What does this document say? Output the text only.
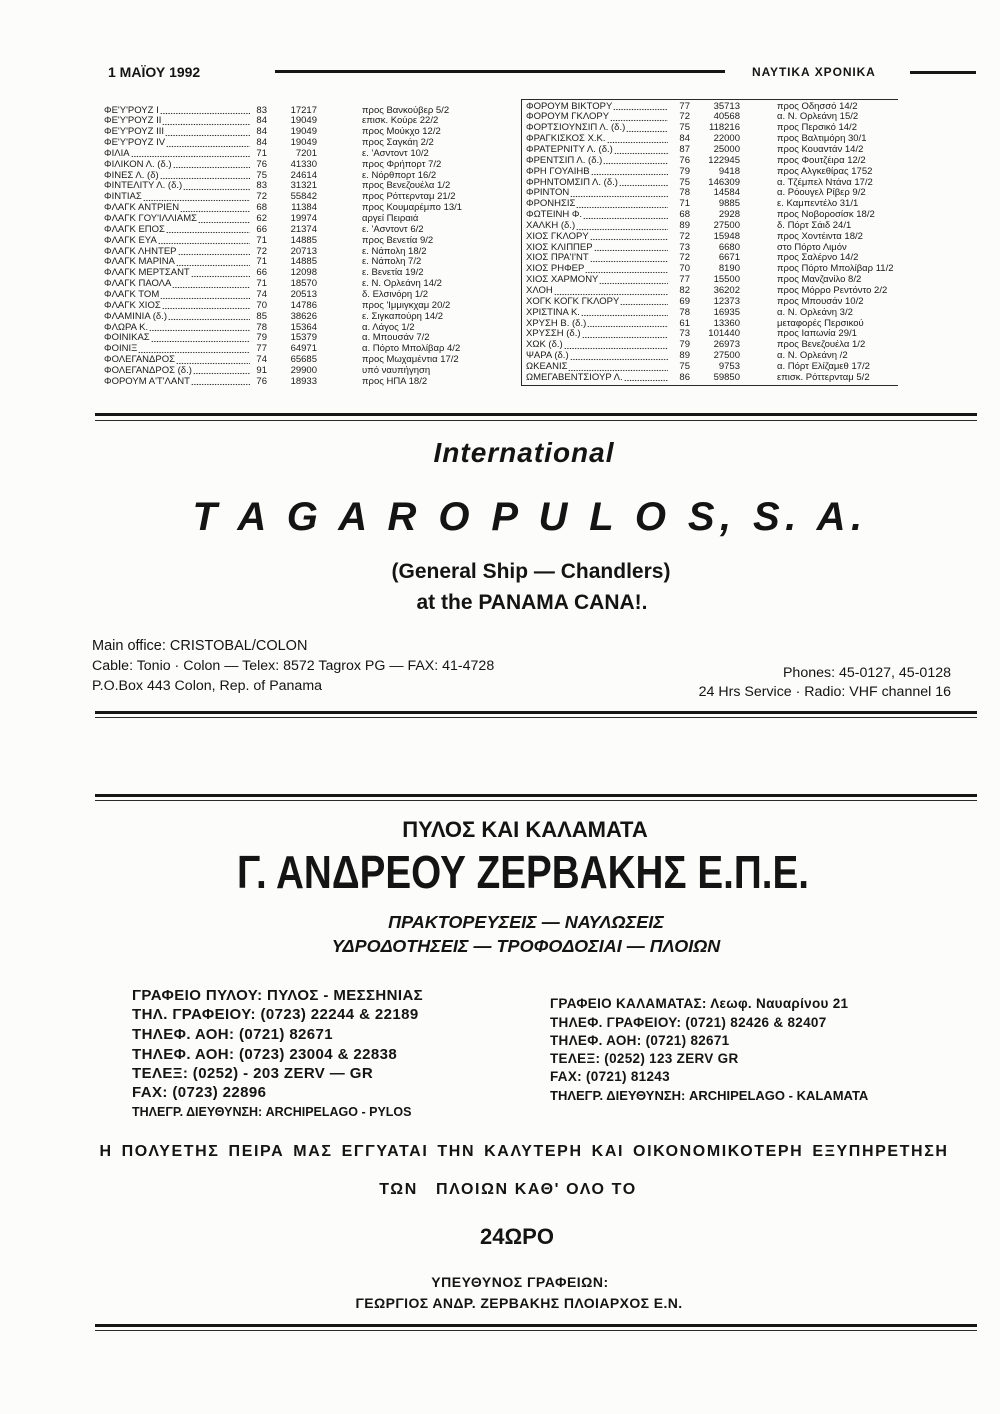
1 ΜΑΪΟΥ 1992	ΝΑΥΤΙΚΑ ΧΡΟΝΙΚΑ
ΦΕ'Υ'ΡΟΥΖ Ι	83	17217	προς Βανκούβερ 5/2
ΦΕ'Υ'ΡΟΥΖ ΙΙ	84	19049	επισκ. Κούρε 22/2
ΦΕ'Υ'ΡΟΥΖ ΙΙΙ	84	19049	προς Μούκχο 12/2
ΦΕ'Υ'ΡΟΥΖ IV	84	19049	προς Σαγκάη 2/2
ΦΙΛΙΑ	71	7201	ε. 'Ασντοντ 10/2
ΦΙΛΙΚΟΝ Λ. (δ.)	76	41330	προς Φρήπορτ 7/2
ΦΙΝΕΣ Λ. (δ)	75	24614	ε. Νόρθπορτ 16/2
ΦΙΝΤΕΛΙΤΥ Λ. (δ.)	83	31321	προς Βενεζουέλα 1/2
ΦΙΝΤΙΑΣ	72	55842	προς Ρόττερνταμ 21/2
ΦΛΑΓΚ ΑΝΤΡΙΕΝ	68	11384	προς Κουμαρέμπο 13/1
ΦΛΑΓΚ ΓΟΥ'ΙΛΛΙΑΜΣ	62	19974	αργεί Πειραιά
ΦΛΑΓΚ ΕΠΟΣ	66	21374	ε. 'Ασντοντ 6/2
ΦΛΑΓΚ ΕΥΑ	71	14885	προς Βενετία 9/2
ΦΛΑΓΚ ΛΗΝΤΕΡ	72	20713	ε. Νάπολη 18/2
ΦΛΑΓΚ ΜΑΡΙΝΑ	71	14885	ε. Νάπολη 7/2
ΦΛΑΓΚ ΜΕΡΤΣΑΝΤ	66	12098	ε. Βενετία 19/2
ΦΛΑΓΚ ΠΑΟΛΑ	71	18570	ε. Ν. Ορλεάνη 14/2
ΦΛΑΓΚ ΤΟΜ	74	20513	δ. Ελσινόρη 1/2
ΦΛΑΓΚ ΧΙΟΣ	70	14786	προς 'Ιμμιγκχαμ 20/2
ΦΛΑΜΙΝΙΑ (δ.)	85	38626	ε. Σιγκαπούρη 14/2
ΦΛΩΡΑ Κ.	78	15364	α. Λάγος 1/2
ΦΟΙΝΙΚΑΣ	79	15379	α. Μπουσάν 7/2
ΦΟΙΝΙΞ	77	64971	α. Πόρτο Μπολίβαρ 4/2
ΦΟΛΕΓΑΝΔΡΟΣ	74	65685	προς Μωχαμέντια 17/2
ΦΟΛΕΓΑΝΔΡΟΣ (δ.)	91	29900	υπό ναυπήγηση
ΦΟΡΟΥΜ Α'Τ'ΛΑΝΤ	76	18933	προς ΗΠΑ 18/2
ΦΟΡΟΥΜ ΒΙΚΤΟΡΥ	77	35713	προς Οδησσό 14/2
ΦΟΡΟΥΜ ΓΚΛΟΡΥ	72	40568	α. Ν. Ορλεάνη 15/2
ΦΟΡΤΣΙΟΥΝΣΙΠ Λ. (δ.)	75	118216	προς Περσικό 14/2
ΦΡΑΓΚΙΣΚΟΣ Χ.Κ.	84	22000	προς Βαλτιμόρη 30/1
ΦΡΑΤΕΡΝΙΤΥ Λ. (δ.)	87	25000	προς Κουαντάν 14/2
ΦΡΕΝΤΣΙΠ Λ. (δ.)	76	122945	προς Φουτζέιρα 12/2
ΦΡΗ ΓΟΥΑΙΗΒ	79	9418	προς Αλγκεθίρας 1752
ΦΡΗΝΤΟΜΣΙΠ Λ. (δ.)	75	146309	α. Τζέμπελ Ντάνα 17/2
ΦΡΙΝΤΟΝ	78	14584	α. Ρόουγελ Ρίβερ 9/2
ΦΡΟΝΗΣΙΣ	71	9885	ε. Καμπεντέλο 31/1
ΦΩΤΕΙΝΗ Φ.	68	2928	προς Νοβοροσίσκ 18/2
ΧΑΛΚΗ (δ.)	89	27500	δ. Πόρτ Σάιδ 24/1
ΧΙΟΣ ΓΚΛΟΡΥ	72	15948	προς Χοντέιντα 18/2
ΧΙΟΣ ΚΛΙΠΠΕΡ	73	6680	στο Πόρτο Λιμόν
ΧΙΟΣ ΠΡΑ'Ι'ΝΤ	72	6671	προς Σαλέρνο 14/2
ΧΙΟΣ ΡΗΦΕΡ	70	8190	προς Πόρτο Μπολίβαρ 11/2
ΧΙΟΣ ΧΑΡΜΟΝΥ	77	15500	προς Μανζανίλο 8/2
ΧΛΟΗ	82	36202	προς Μόρρο Ρεντόντο 2/2
ΧΟΓΚ ΚΟΓΚ ΓΚΛΟΡΥ	69	12373	προς Μπουσάν 10/2
ΧΡΙΣΤΙΝΑ Κ.	78	16935	α. Ν. Ορλεάνη 3/2
ΧΡΥΣΗ Β. (δ.)	61	13360	μεταφορές Περσικού
ΧΡΥΣΣΗ (δ.)	73	101440	προς Ιαπωνία 29/1
ΧΩΚ (δ.)	79	26973	προς Βενεζουέλα 1/2
ΨΑΡΑ (δ.)	89	27500	α. Ν. Ορλεάνη /2
ΩΚΕΑΝΙΣ	75	9753	α. Πόρτ Ελίζαμεθ 17/2
ΩΜΕΓΑΒΕΝΤΣΙΟΥΡ Λ.	86	59850	επισκ. Ρόττερνταμ 5/2
International
T A G A R O P U L O S, S. A.
(General Ship — Chandlers)
at the PANAMA CANA!.
Main office: CRISTOBAL/COLON
Cable: Tonio · Colon — Telex: 8572 Tagrox PG — FAX: 41-4728
P.O.Box 443 Colon, Rep. of Panama
Phones: 45-0127, 45-0128
24 Hrs Service · Radio: VHF channel 16
ΠΥΛΟΣ ΚΑΙ ΚΑΛΑΜΑΤΑ
Γ. ΑΝΔΡΕΟΥ ΖΕΡΒΑΚΗΣ Ε.Π.Ε.
ΠΡΑΚΤΟΡΕΥΣΕΙΣ — ΝΑΥΛΩΣΕΙΣ
ΥΔΡΟΔΟΤΗΣΕΙΣ — ΤΡΟΦΟΔΟΣΙΑΙ — ΠΛΟΙΩΝ
ΓΡΑΦΕΙΟ ΠΥΛΟΥ: ΠΥΛΟΣ - ΜΕΣΣΗΝΙΑΣ
ΤΗΛ. ΓΡΑΦΕΙΟΥ: (0723) 22244 & 22189
ΤΗΛΕΦ. ΑΟΗ: (0721) 82671
ΤΗΛΕΦ. ΑΟΗ: (0723) 23004 & 22838
ΤΕΛΕΞ: (0252) - 203 ZERV — GR
FAX: (0723) 22896
ΤΗΛΕΓΡ. ΔΙΕΥΘΥΝΣΗ: ARCHIPELAGO - PYLOS
ΓΡΑΦΕΙΟ ΚΑΛΑΜΑΤΑΣ: Λεωφ. Ναυαρίνου 21
ΤΗΛΕΦ. ΓΡΑΦΕΙΟΥ: (0721) 82426 & 82407
ΤΗΛΕΦ. ΑΟΗ: (0721) 82671
ΤΕΛΕΞ: (0252) 123 ZERV GR
FAX: (0721) 81243
ΤΗΛΕΓΡ. ΔΙΕΥΘΥΝΣΗ: ARCHIPELAGO - KALAMATA
Η ΠΟΛΥΕΤΗΣ ΠΕΙΡΑ ΜΑΣ ΕΓΓΥΑΤΑΙ ΤΗΝ ΚΑΛΥΤΕΡΗ ΚΑΙ ΟΙΚΟΝΟΜΙΚΟΤΕΡΗ ΕΞΥΠΗΡΕΤΗΣΗ
ΤΩΝ   ΠΛΟΙΩΝ ΚΑΘ' ΟΛΟ ΤΟ
24ΩΡΟ
ΥΠΕΥΘΥΝΟΣ ΓΡΑΦΕΙΩΝ:
ΓΕΩΡΓΙΟΣ ΑΝΔΡ. ΖΕΡΒΑΚΗΣ ΠΛΟΙΑΡΧΟΣ Ε.Ν.
